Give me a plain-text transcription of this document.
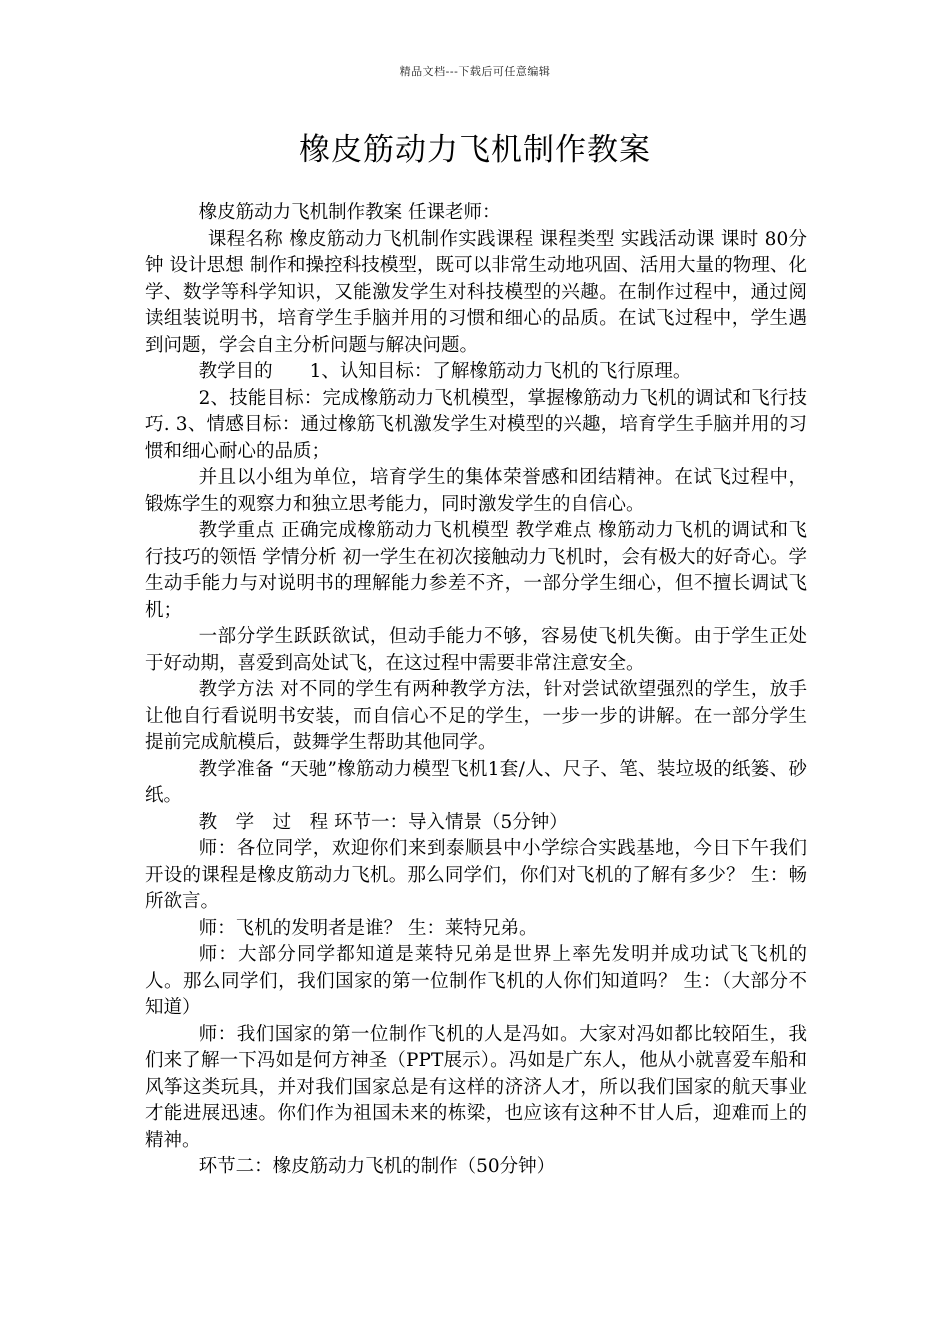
精品文档---下载后可任意编辑
橡皮筋动力飞机制作教案

橡皮筋动力飞机制作教案 任课老师：

课程名称 橡皮筋动力飞机制作实践课程 课程类型 实践活动课 课时 80分钟 设计思想 制作和操控科技模型，既可以非常生动地巩固、活用大量的物理、化学、数学等科学知识，又能激发学生对科技模型的兴趣。在制作过程中，通过阅读组装说明书，培育学生手脑并用的习惯和细心的品质。在试飞过程中，学生遇到问题，学会自主分析问题与解决问题。

教学目的　　1、认知目标：了解橡筋动力飞机的飞行原理。

2、技能目标：完成橡筋动力飞机模型，掌握橡筋动力飞机的调试和飞行技巧. 3、情感目标：通过橡筋飞机激发学生对模型的兴趣，培育学生手脑并用的习惯和细心耐心的品质；

并且以小组为单位，培育学生的集体荣誉感和团结精神。在试飞过程中，锻炼学生的观察力和独立思考能力，同时激发学生的自信心。

教学重点 正确完成橡筋动力飞机模型 教学难点 橡筋动力飞机的调试和飞行技巧的领悟 学情分析 初一学生在初次接触动力飞机时，会有极大的好奇心。学生动手能力与对说明书的理解能力参差不齐，一部分学生细心，但不擅长调试飞机；

一部分学生跃跃欲试，但动手能力不够，容易使飞机失衡。由于学生正处于好动期，喜爱到高处试飞，在这过程中需要非常注意安全。

教学方法 对不同的学生有两种教学方法，针对尝试欲望强烈的学生，放手让他自行看说明书安装，而自信心不足的学生，一步一步的讲解。在一部分学生提前完成航模后，鼓舞学生帮助其他同学。

教学准备 “天驰”橡筋动力模型飞机1套/人、尺子、笔、装垃圾的纸篓、砂纸。

教　学　过　程 环节一：导入情景（5分钟）

师：各位同学，欢迎你们来到泰顺县中小学综合实践基地，今日下午我们开设的课程是橡皮筋动力飞机。那么同学们，你们对飞机的了解有多少？ 生：畅所欲言。

师：飞机的发明者是谁？ 生：莱特兄弟。

师：大部分同学都知道是莱特兄弟是世界上率先发明并成功试飞飞机的人。那么同学们，我们国家的第一位制作飞机的人你们知道吗？ 生：（大部分不知道）

师：我们国家的第一位制作飞机的人是冯如。大家对冯如都比较陌生，我们来了解一下冯如是何方神圣（PPT展示）。冯如是广东人，他从小就喜爱车船和风筝这类玩具，并对我们国家总是有这样的济济人才，所以我们国家的航天事业才能进展迅速。你们作为祖国未来的栋梁，也应该有这种不甘人后，迎难而上的精神。

环节二：橡皮筋动力飞机的制作（50分钟）
